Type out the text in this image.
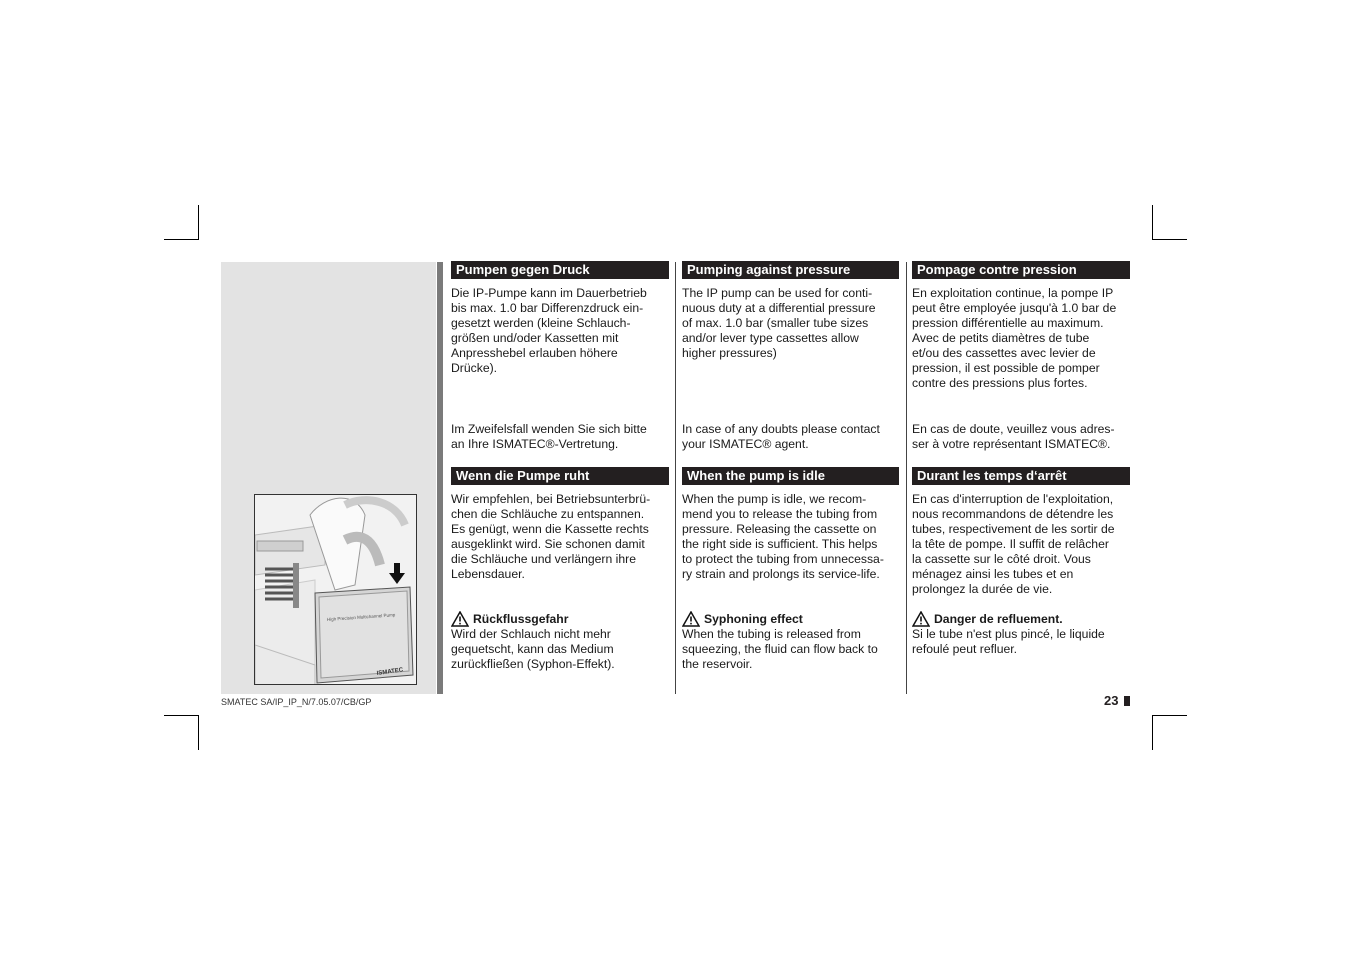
High Precision Multichannel Pump
ISMATEC
Pumpen gegen Druck
Die IP-Pumpe kann im Dauerbetrieb
bis max. 1.0 bar Differenzdruck ein-
gesetzt werden (kleine Schlauch-
größen und/oder Kassetten mit
Anpresshebel erlauben höhere
Drücke).
Im Zweifelsfall wenden Sie sich bitte
an Ihre ISMATEC®-Vertretung.
Wenn die Pumpe ruht
Wir empfehlen, bei Betriebsunterbrü-
chen die Schläuche zu entspannen.
Es genügt, wenn die Kassette rechts
ausgeklinkt wird. Sie schonen damit
die Schläuche und verlängern ihre
Lebensdauer.
Rückflussgefahr
Wird der Schlauch nicht mehr
gequetscht, kann das Medium
zurückfließen (Syphon-Effekt).
Pumping against pressure
The IP pump can be used for conti-
nuous duty at a differential pressure
of max. 1.0 bar (smaller tube sizes
and/or lever type cassettes allow
higher pressures)
In case of any doubts please contact
your ISMATEC® agent.
When the pump is idle
When the pump is idle, we recom-
mend you to release the tubing from
pressure. Releasing the cassette on
the right side is sufficient. This helps
to protect the tubing from unnecessa-
ry strain and prolongs its service-life.
Syphoning effect
When the tubing is released from
squeezing, the fluid can flow back to
the reservoir.
Pompage contre pression
En exploitation continue, la pompe IP
peut être employée jusqu'à 1.0 bar de
pression différentielle au maximum.
Avec de petits diamètres de tube
et/ou des cassettes avec levier de
pression, il est possible de pomper
contre des pressions plus fortes.
En cas de doute, veuillez vous adres-
ser à votre représentant ISMATEC®.
Durant les temps d‘arrêt
En cas d'interruption de l'exploitation,
nous recommandons de détendre les
tubes, respectivement de les sortir de
la tête de pompe. Il suffit de relâcher
la cassette sur le côté droit. Vous
ménagez ainsi les tubes et en
prolongez la durée de vie.
Danger de refluement.
Si le tube n'est plus pincé, le liquide
refoulé peut refluer.
SMATEC SA/IP_IP_N/7.05.07/CB/GP	23
